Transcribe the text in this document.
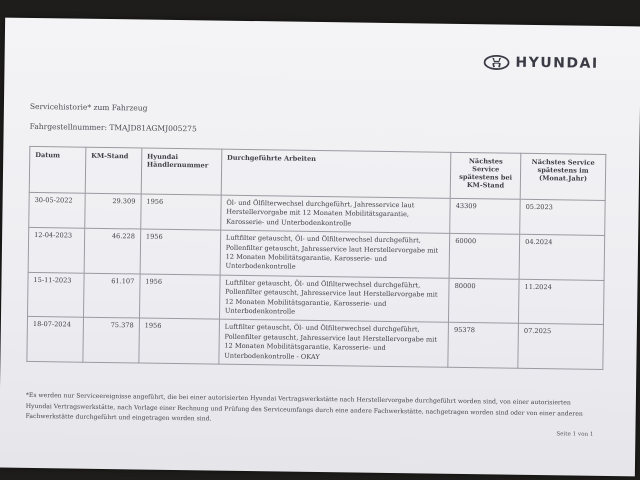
HYUNDAI
Servicehistorie* zum Fahrzeug
Fahrgestellnummer: TMAJD81AGMJ005275
Datum	KM-Stand	Hyundai Händlernummer	Durchgeführte Arbeiten	Nächstes Service spätestens bei KM-Stand	Nächstes Service spätestens im (Monat.Jahr)
30-05-2022	29.309	1956	Öl- und Ölfilterwechsel durchgeführt, Jahresservice laut Herstellervorgabe mit 12 Monaten Mobilitätsgarantie, Karosserie- und Unterbodenkontrolle	43309	05.2023
12-04-2023	46.228	1956	Luftfilter getauscht, Öl- und Ölfilterwechsel durchgeführt, Pollenfilter getauscht, Jahresservice laut Herstellervorgabe mit 12 Monaten Mobilitätsgarantie, Karosserie- und Unterbodenkontrolle	60000	04.2024
15-11-2023	61.107	1956	Luftfilter getauscht, Öl- und Ölfilterwechsel durchgeführt, Pollenfilter getauscht, Jahresservice laut Herstellervorgabe mit 12 Monaten Mobilitätsgarantie, Karosserie- und Unterbodenkontrolle	80000	11.2024
18-07-2024	75.378	1956	Luftfilter getauscht, Öl- und Ölfilterwechsel durchgeführt, Pollenfilter getauscht, Jahresservice laut Herstellervorgabe mit 12 Monaten Mobilitätsgarantie, Karosserie- und Unterbodenkontrolle - OKAY	95378	07.2025
*Es werden nur Serviceereignisse angeführt, die bei einer autorisierten Hyundai Vertragswerkstätte nach Herstellervorgabe durchgeführt worden sind, von einer autorisierten Hyundai Vertragswerkstätte, nach Vorlage einer Rechnung und Prüfung des Serviceumfangs durch eine andere Fachwerkstätte, nachgetragen worden sind oder von einer anderen Fachwerkstätte durchgeführt und eingetragen worden sind.
Seite 1 von 1
